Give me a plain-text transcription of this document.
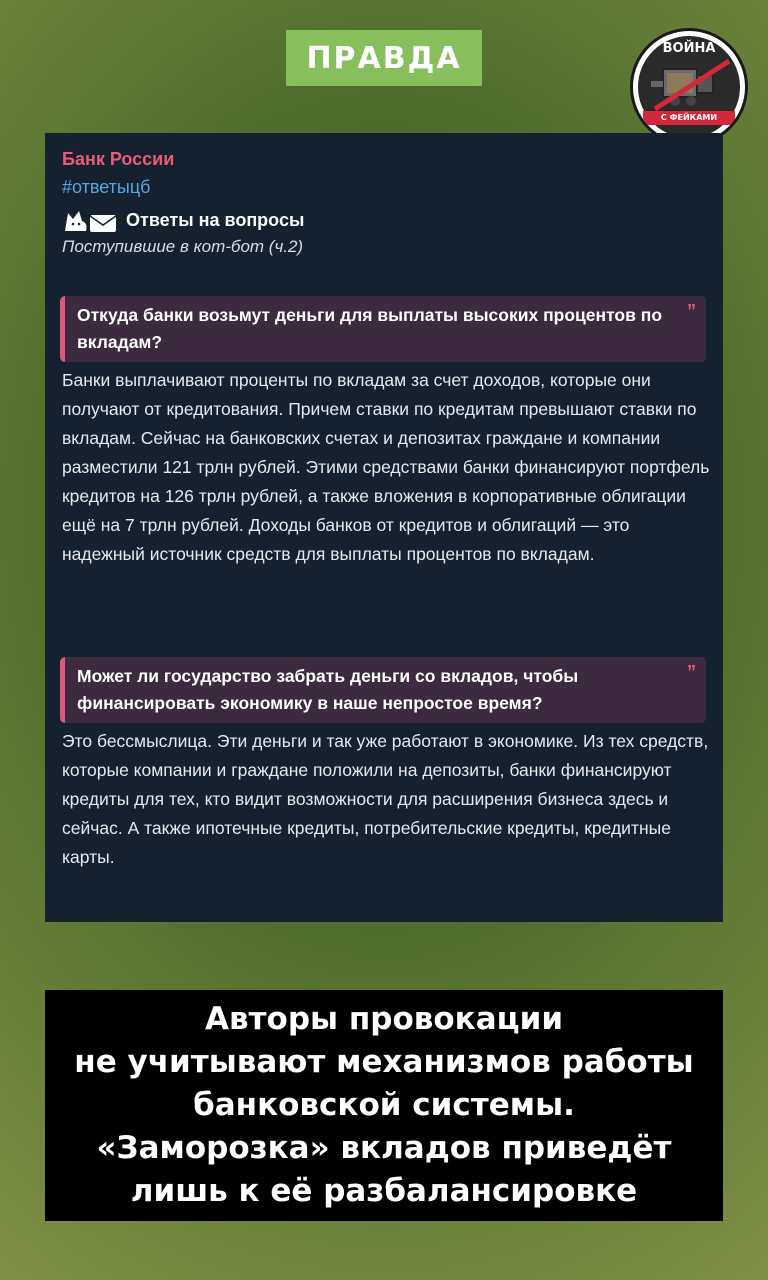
ПРАВДА	ВОЙНА
С ФЕЙКАМИ
Банк России
#ответыцб
Ответы на вопросы
Поступившие в кот-бот (ч.2)
Откуда банки возьмут деньги для выплаты высоких процентов по вкладам?
”
Банки выплачивают проценты по вкладам за счет доходов, которые они получают от кредитования. Причем ставки по кредитам превышают ставки по вкладам. Сейчас на банковских счетах и депозитах граждане и компании разместили 121 трлн рублей. Этими средствами банки финансируют портфель кредитов на 126 трлн рублей, а также вложения в корпоративные облигации ещё на 7 трлн рублей. Доходы банков от кредитов и облигаций — это надежный источник средств для выплаты процентов по вкладам.
Может ли государство забрать деньги со вкладов, чтобы финансировать экономику в наше непростое время?
”
Это бессмыслица. Эти деньги и так уже работают в экономике. Из тех средств, которые компании и граждане положили на депозиты, банки финансируют кредиты для тех, кто видит возможности для расширения бизнеса здесь и сейчас. А также ипотечные кредиты, потребительские кредиты, кредитные карты.
Авторы провокации
не учитывают механизмов работы
банковской системы.
«Заморозка» вкладов приведёт
лишь к её разбалансировке
